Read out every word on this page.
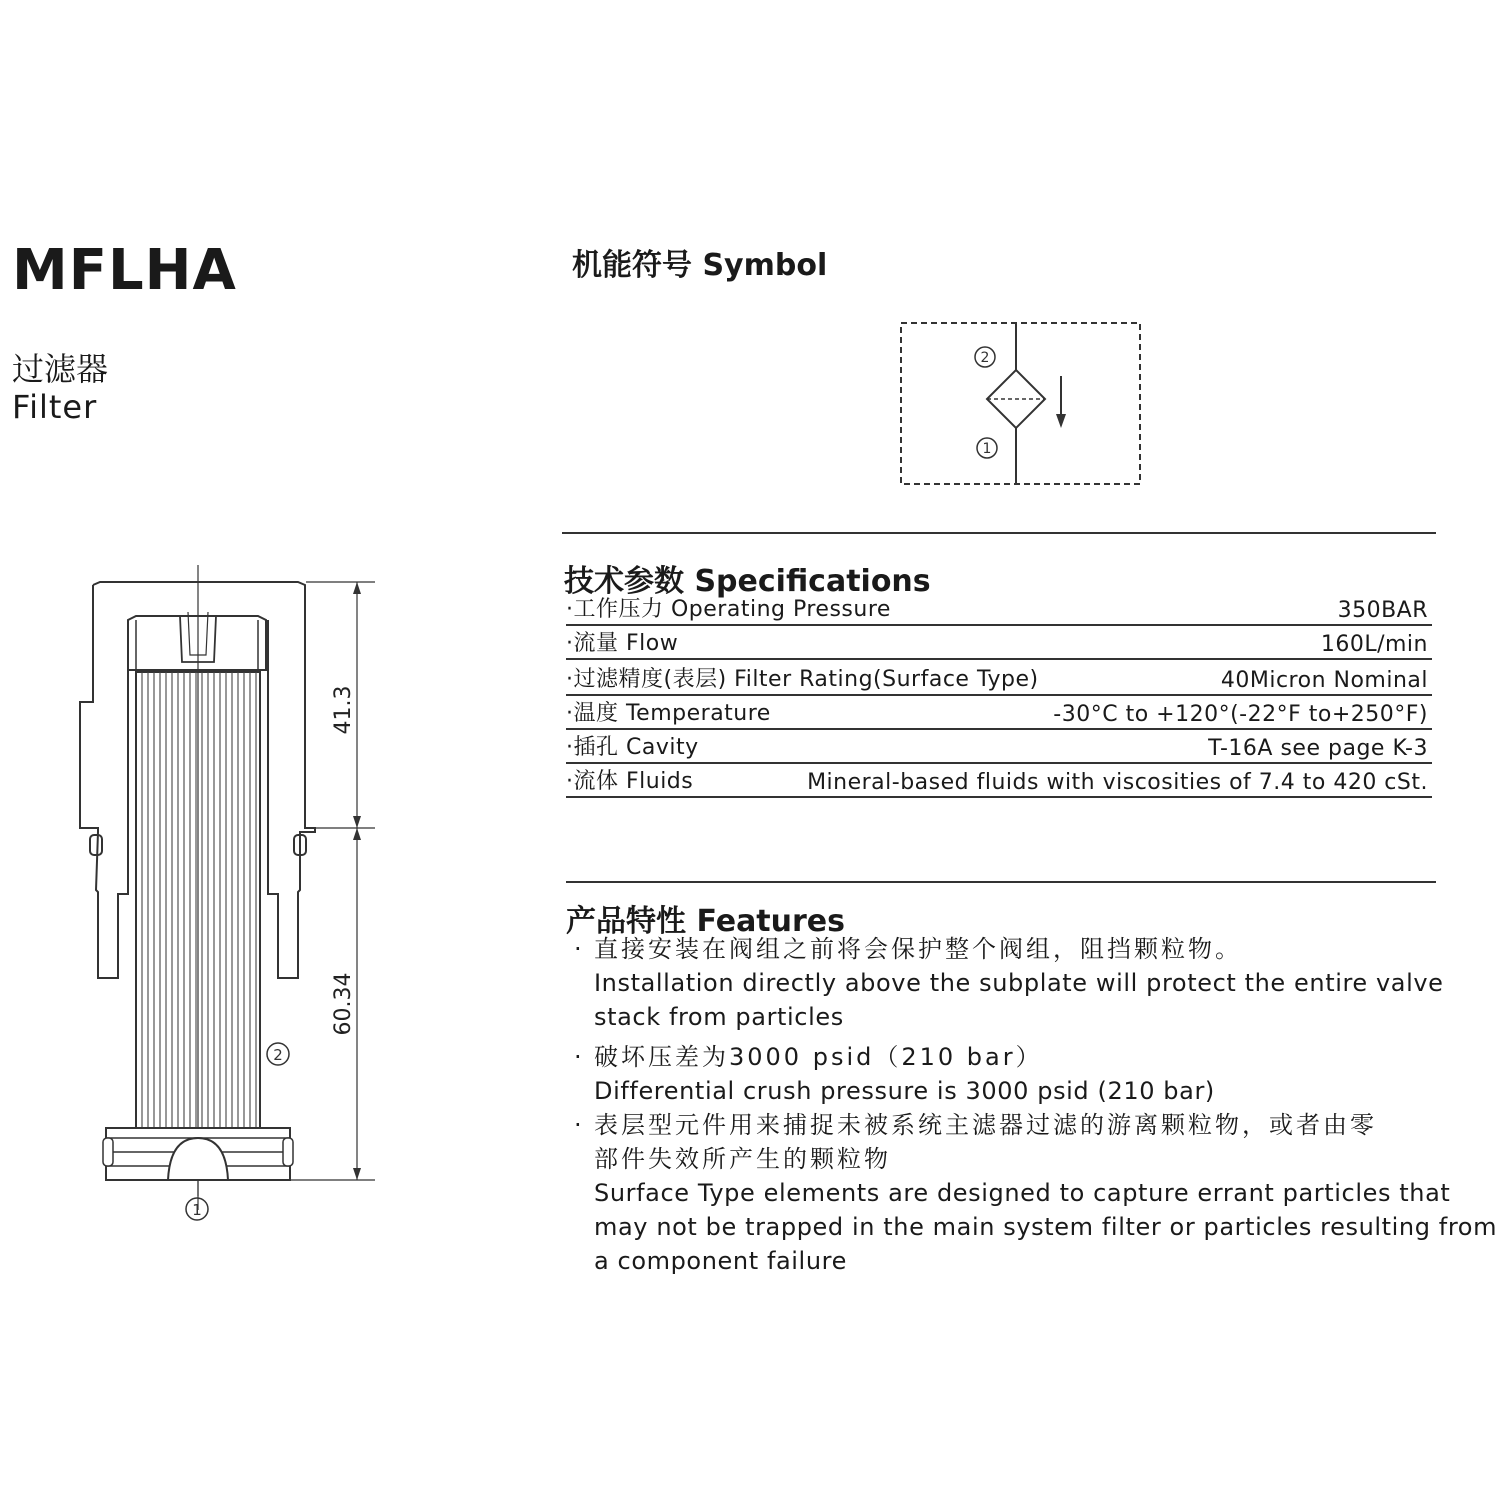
MFLHA
过滤器
Filter
机能符号 Symbol
2
1
41.3
60.34
2
1
技术参数 Specifications
·工作压力 Operating Pressure	350BAR
·流量 Flow	160L/min
·过滤精度(表层) Filter Rating(Surface Type)	40Micron Nominal
·温度 Temperature	-30°C to +120°(-22°F to+250°F)
·插孔 Cavity	T-16A see page K-3
·流体 Fluids	Mineral-based fluids with viscosities of 7.4 to 420 cSt.
产品特性 Features
· 直接安装在阀组之前将会保护整个阀组，阻挡颗粒物。
Installation directly above the subplate will protect the entire valve
stack from particles
· 破坏压差为3000 psid（210 bar）
Differential crush pressure is 3000 psid (210 bar)
· 表层型元件用来捕捉未被系统主滤器过滤的游离颗粒物，或者由零
部件失效所产生的颗粒物
Surface Type elements are designed to capture errant particles that
may not be trapped in the main system filter or particles resulting from
a component failure
